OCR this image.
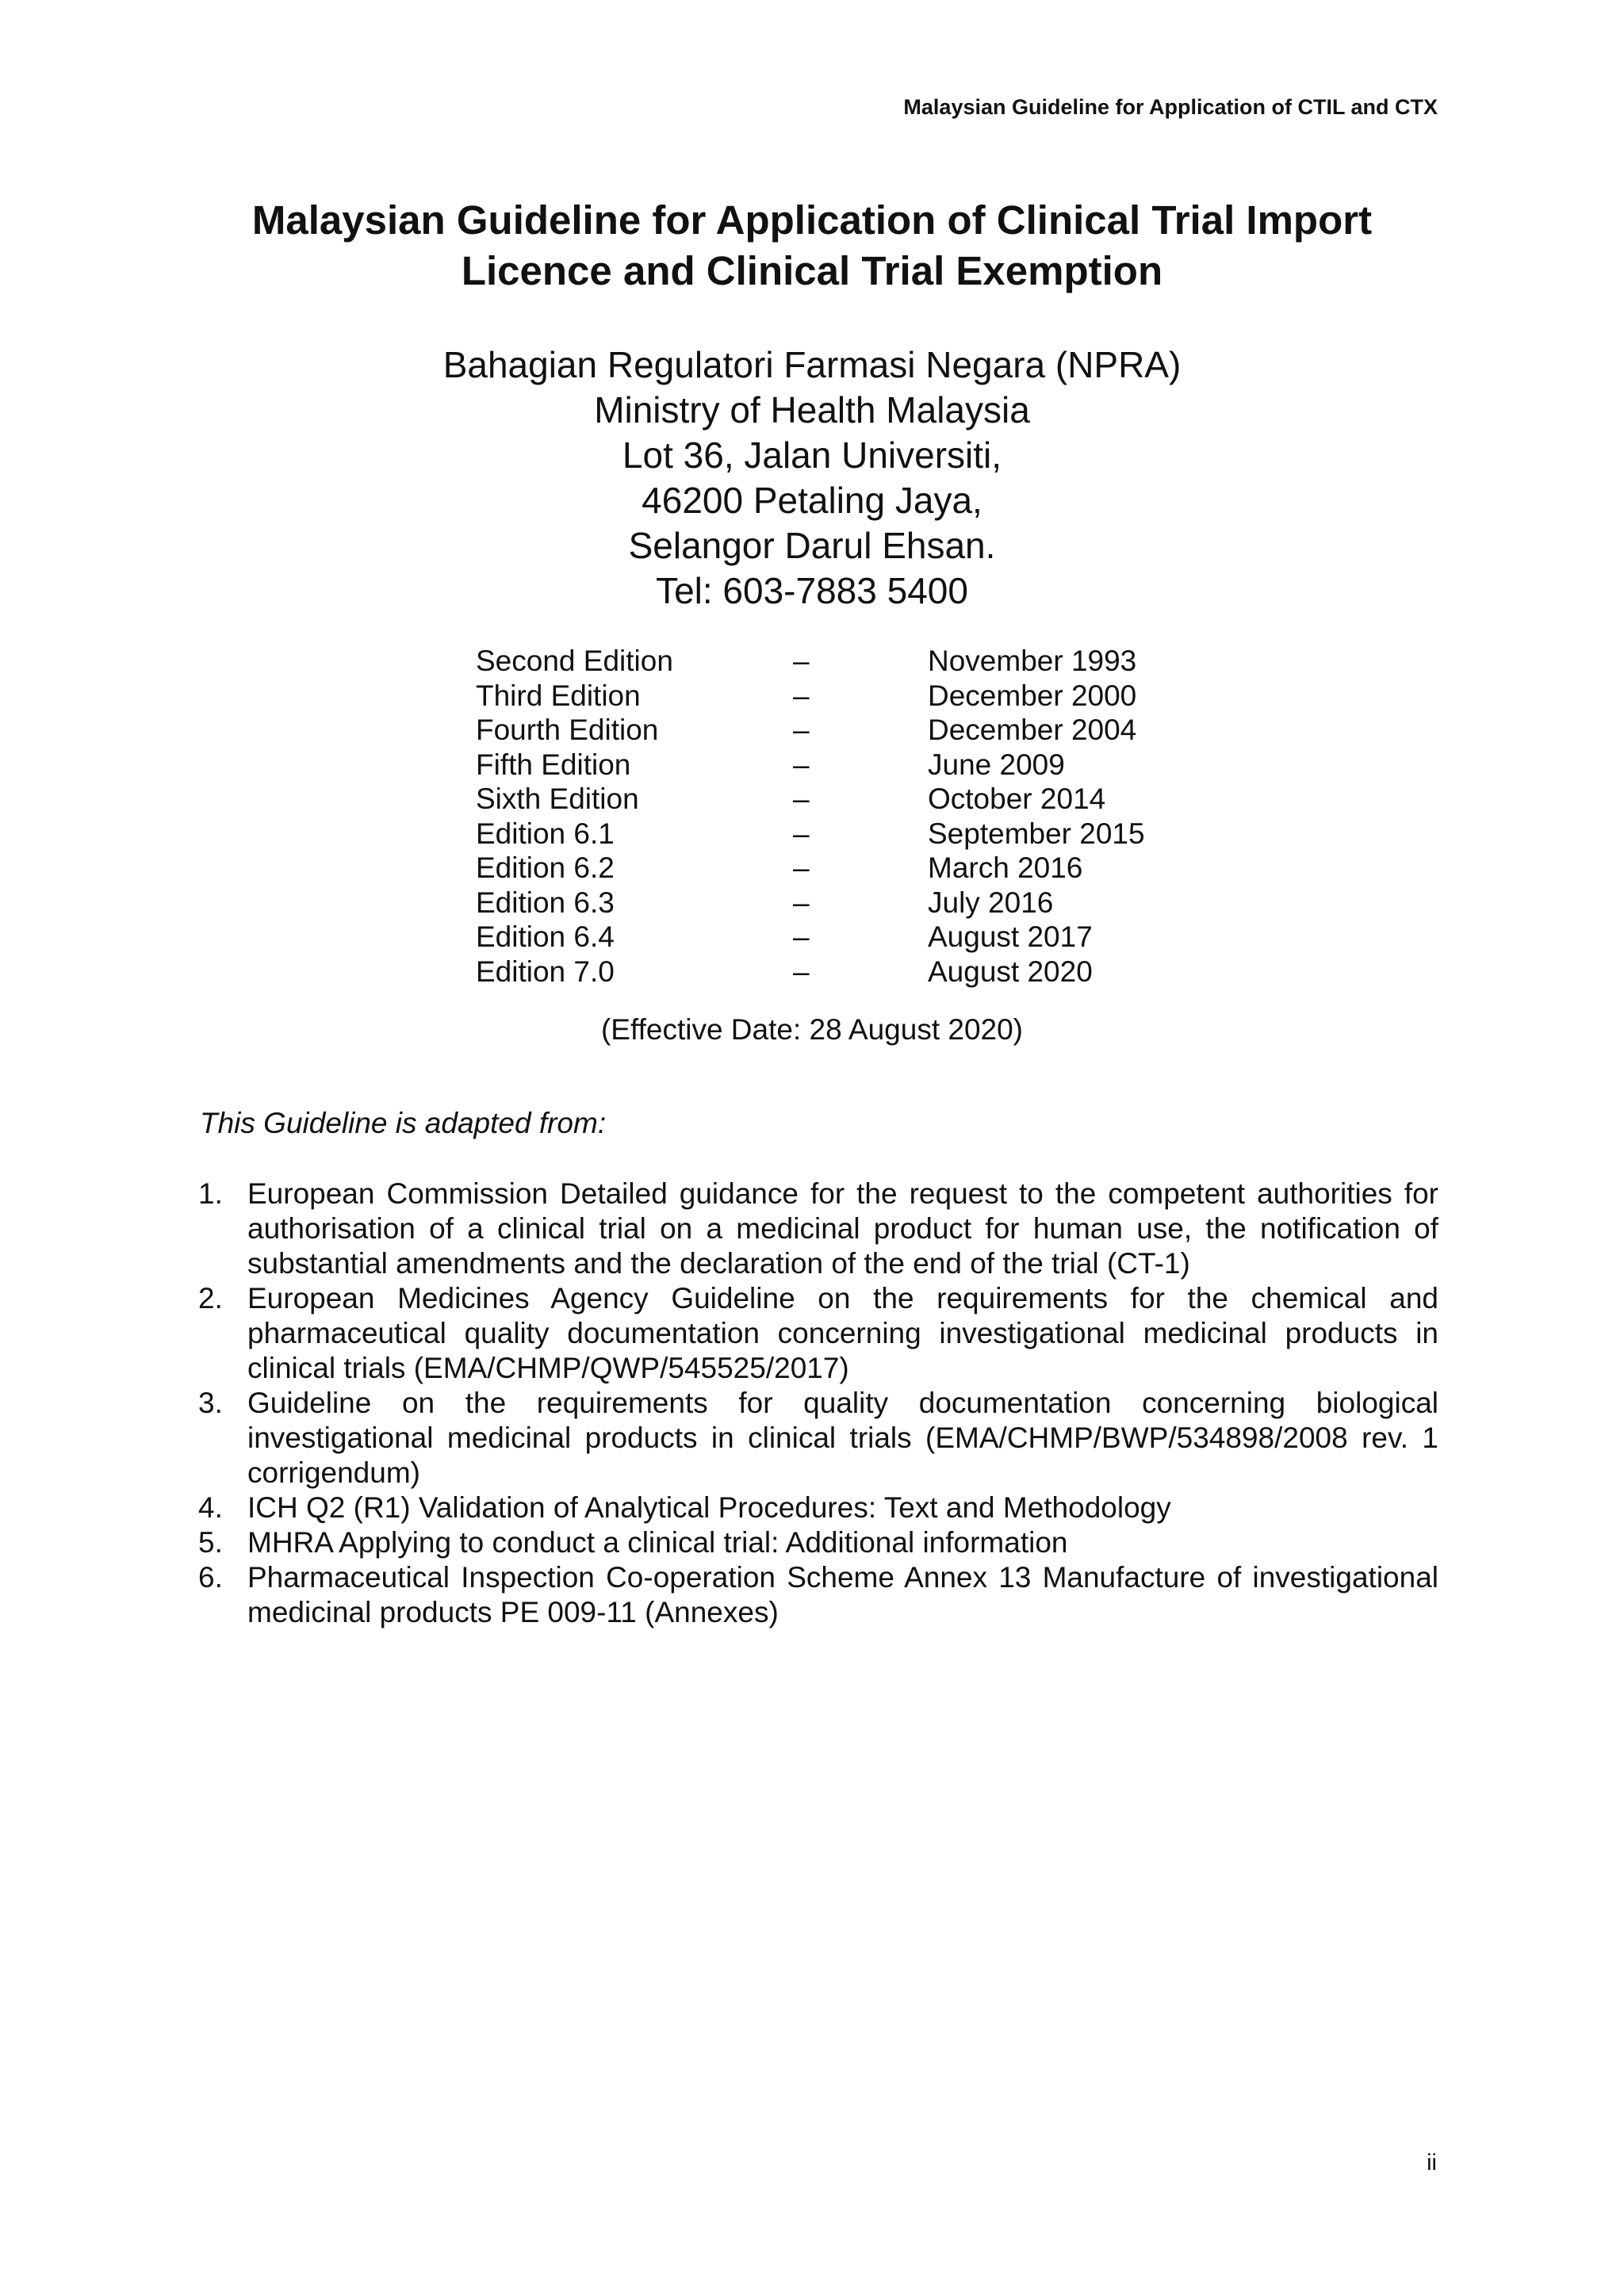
Malaysian Guideline for Application of CTIL and CTX
Malaysian Guideline for Application of Clinical Trial Import
Licence and Clinical Trial Exemption
Bahagian Regulatori Farmasi Negara (NPRA)
Ministry of Health Malaysia
Lot 36, Jalan Universiti,
46200 Petaling Jaya,
Selangor Darul Ehsan.
Tel: 603-7883 5400
Second Edition	–	November 1993
Third Edition	–	December 2000
Fourth Edition	–	December 2004
Fifth Edition	–	June 2009
Sixth Edition	–	October 2014
Edition 6.1	–	September 2015
Edition 6.2	–	March 2016
Edition 6.3	–	July 2016
Edition 6.4	–	August 2017
Edition 7.0	–	August 2020
(Effective Date: 28 August 2020)
This Guideline is adapted from:
1. European Commission Detailed guidance for the request to the competent authorities for authorisation of a clinical trial on a medicinal product for human use, the notification of substantial amendments and the declaration of the end of the trial (CT-1)
2. European Medicines Agency Guideline on the requirements for the chemical and pharmaceutical quality documentation concerning investigational medicinal products in clinical trials (EMA/CHMP/QWP/545525/2017)
3. Guideline on the requirements for quality documentation concerning biological investigational medicinal products in clinical trials (EMA/CHMP/BWP/534898/2008 rev. 1 corrigendum)
4. ICH Q2 (R1) Validation of Analytical Procedures: Text and Methodology
5. MHRA Applying to conduct a clinical trial: Additional information
6. Pharmaceutical Inspection Co-operation Scheme Annex 13 Manufacture of investigational medicinal products PE 009-11 (Annexes)
ii
